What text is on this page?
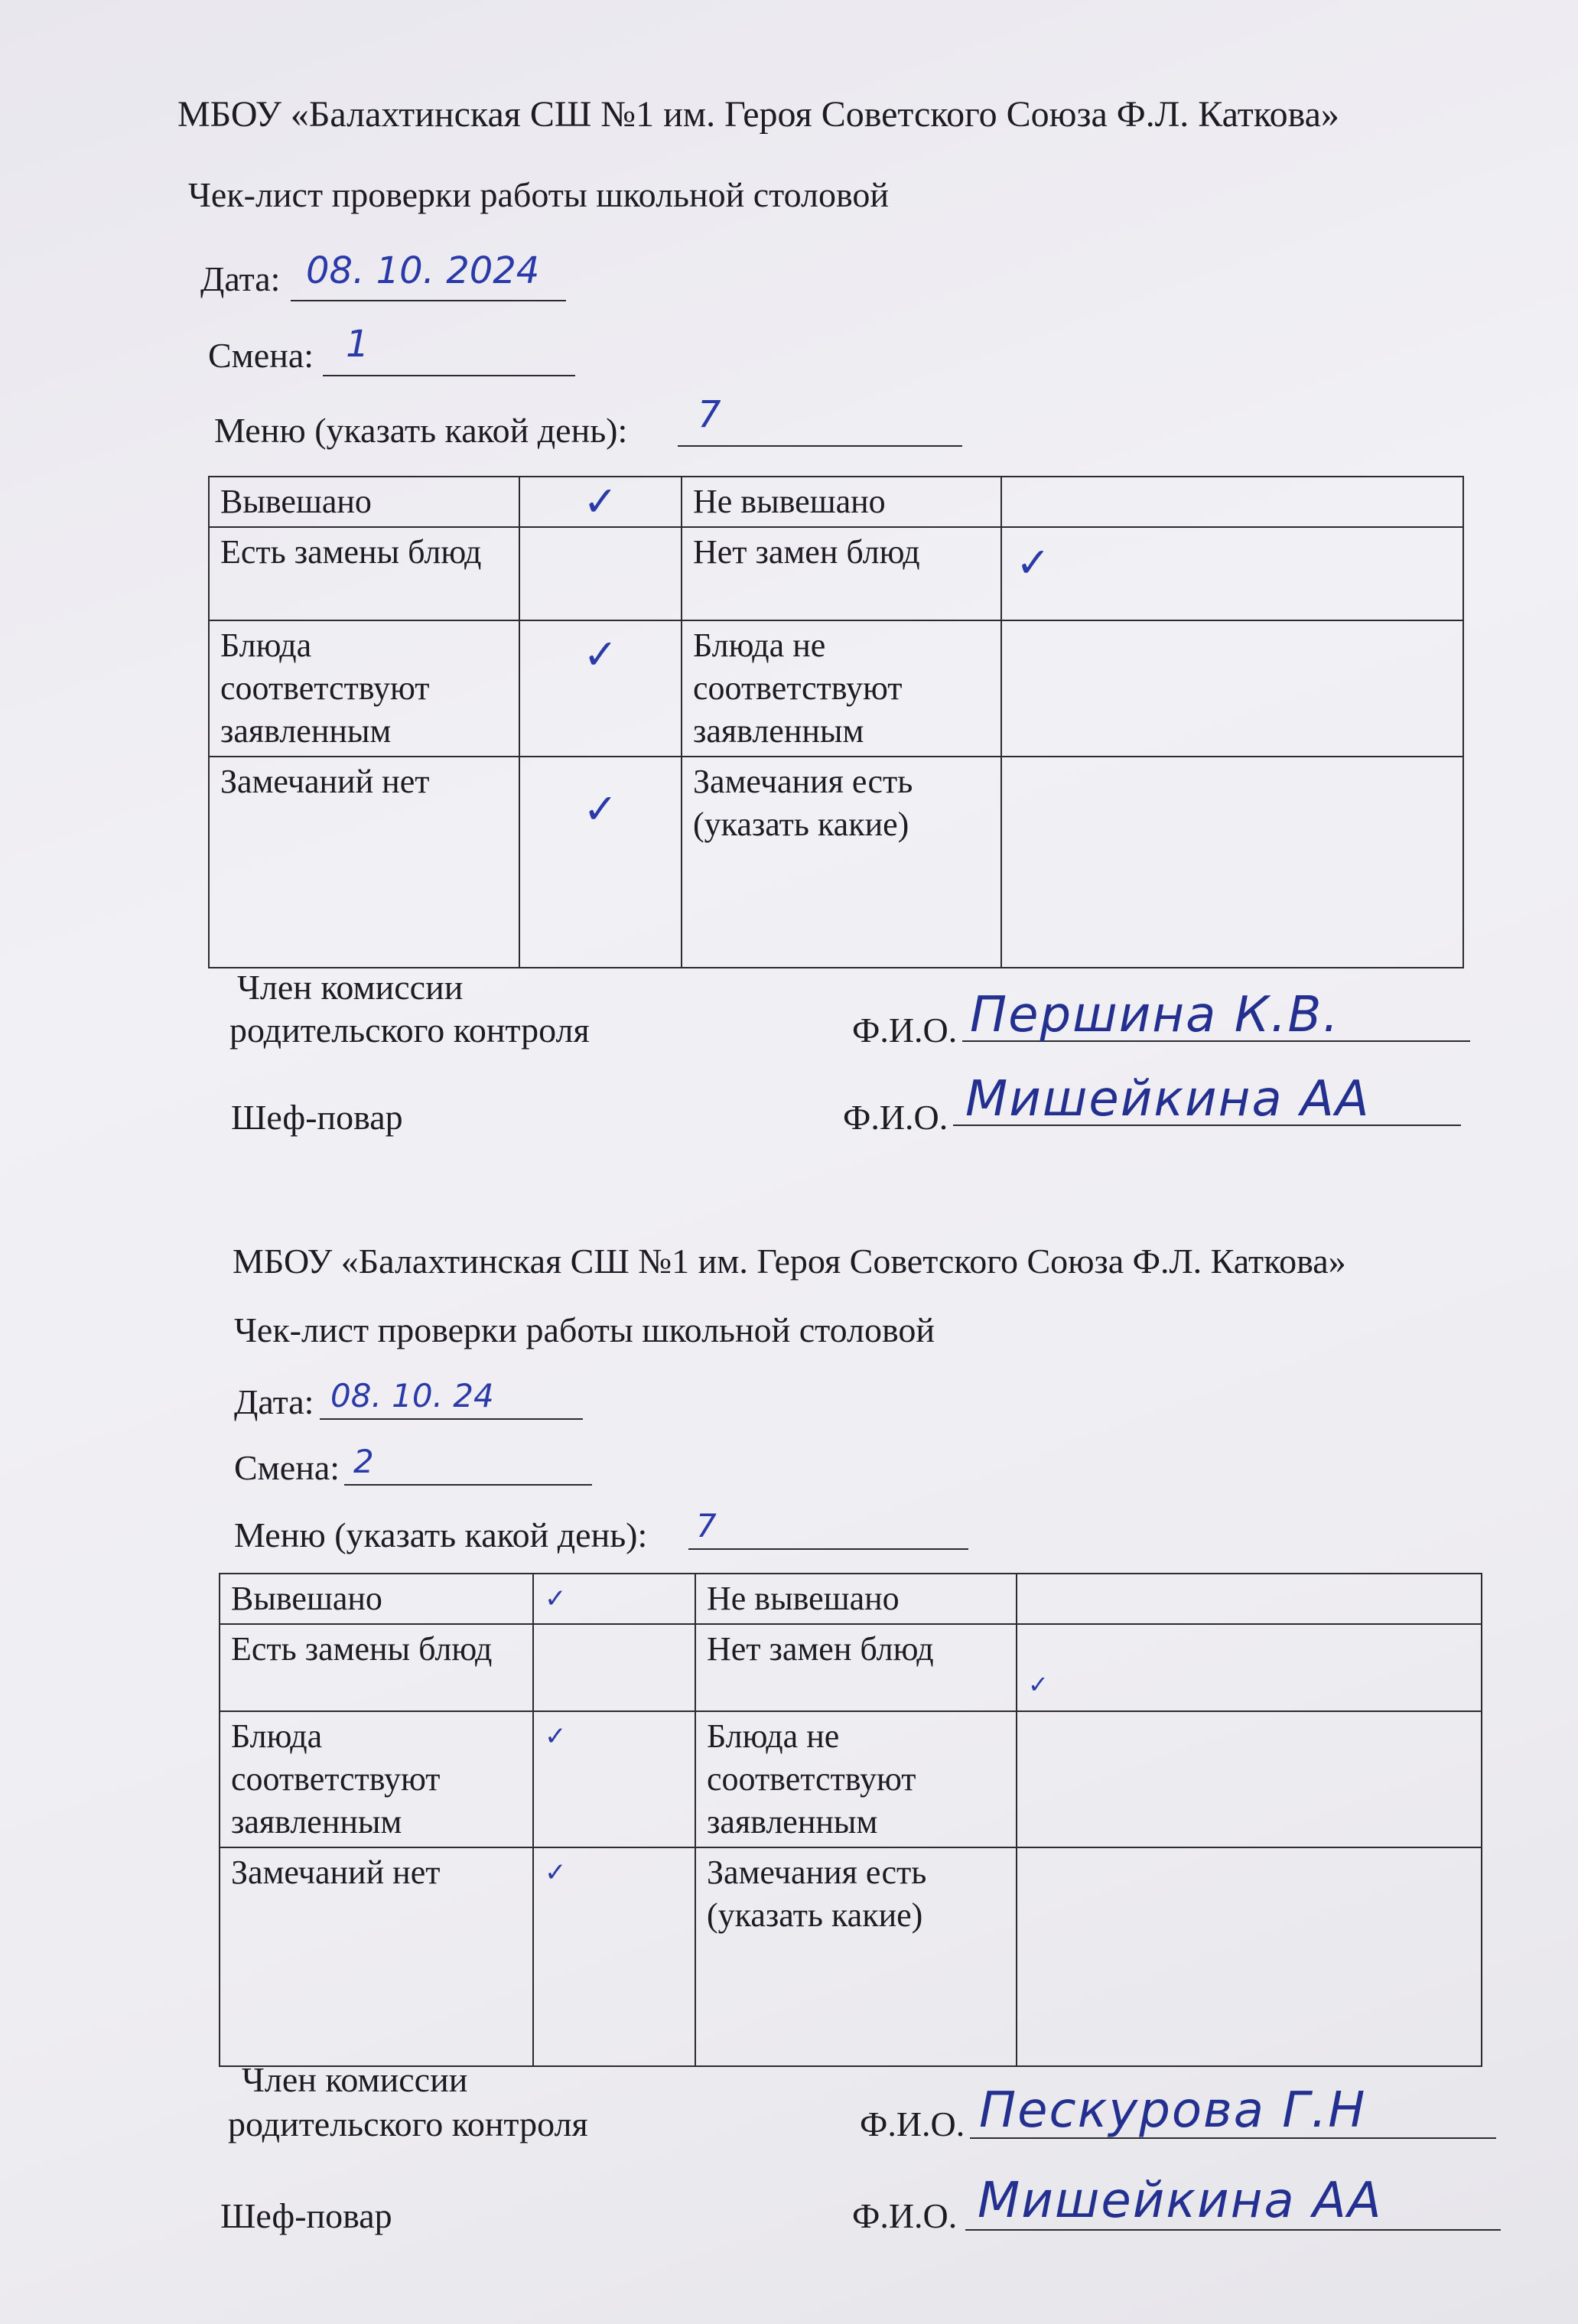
МБОУ «Балахтинская СШ №1 им. Героя Советского Союза Ф.Л. Каткова»
Чек-лист проверки работы школьной столовой
Дата: 08. 10. 2024
Смена: 1
Меню (указать какой день): 7
Вывешано	✓	Не вывешано	
Есть замены блюд		Нет замен блюд	✓
Блюда соответствуют заявленным	✓	Блюда не соответствуют заявленным	
Замечаний нет	✓	Замечания есть (указать какие)	
Член комиссии
родительского контроля	Ф.И.О. Першина К.В.
Шеф-повар	Ф.И.О. Мишейкина АА
МБОУ «Балахтинская СШ №1 им. Героя Советского Союза Ф.Л. Каткова»
Чек-лист проверки работы школьной столовой
Дата: 08. 10. 24
Смена: 2
Меню (указать какой день): 7
Вывешано	✓	Не вывешано	
Есть замены блюд		Нет замен блюд	✓
Блюда соответствуют заявленным	✓	Блюда не соответствуют заявленным	
Замечаний нет	✓	Замечания есть (указать какие)	
Член комиссии
родительского контроля	Ф.И.О. Пескурова Г.Н
Шеф-повар	Ф.И.О. Мишейкина АА
